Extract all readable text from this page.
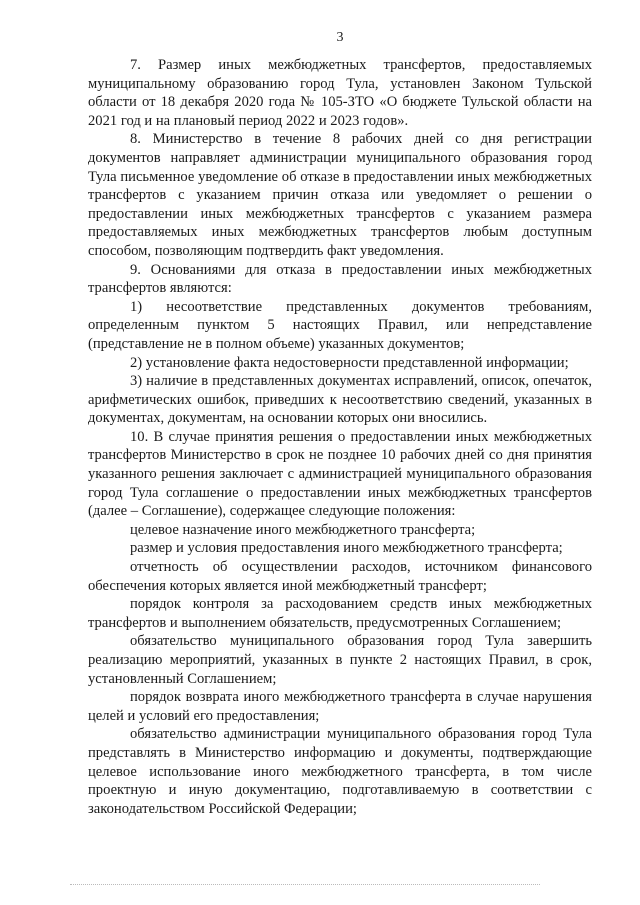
3

7. Размер иных межбюджетных трансфертов, предоставляемых муниципальному образованию город Тула, установлен Законом Тульской области от 18 декабря 2020 года № 105-ЗТО «О бюджете Тульской области на 2021 год и на плановый период 2022 и 2023 годов».

8. Министерство в течение 8 рабочих дней со дня регистрации документов направляет администрации муниципального образования город Тула письменное уведомление об отказе в предоставлении иных межбюджетных трансфертов с указанием причин отказа или уведомляет о решении о предоставлении иных межбюджетных трансфертов с указанием размера предоставляемых иных межбюджетных трансфертов любым доступным способом, позволяющим подтвердить факт уведомления.

9. Основаниями для отказа в предоставлении иных межбюджетных трансфертов являются:

1) несоответствие представленных документов требованиям, определенным пунктом 5 настоящих Правил, или непредставление (представление не в полном объеме) указанных документов;

2) установление факта недостоверности представленной информации;

3) наличие в представленных документах исправлений, описок, опечаток, арифметических ошибок, приведших к несоответствию сведений, указанных в документах, документам, на основании которых они вносились.

10. В случае принятия решения о предоставлении иных межбюджетных трансфертов Министерство в срок не позднее 10 рабочих дней со дня принятия указанного решения заключает с администрацией муниципального образования город Тула соглашение о предоставлении иных межбюджетных трансфертов (далее – Соглашение), содержащее следующие положения:

целевое назначение иного межбюджетного трансферта;

размер и условия предоставления иного межбюджетного трансферта;

отчетность об осуществлении расходов, источником финансового обеспечения которых является иной межбюджетный трансферт;

порядок контроля за расходованием средств иных межбюджетных трансфертов и выполнением обязательств, предусмотренных Соглашением;

обязательство муниципального образования город Тула завершить реализацию мероприятий, указанных в пункте 2 настоящих Правил, в срок, установленный Соглашением;

порядок возврата иного межбюджетного трансферта в случае нарушения целей и условий его предоставления;

обязательство администрации муниципального образования город Тула представлять в Министерство информацию и документы, подтверждающие целевое использование иного межбюджетного трансферта, в том числе проектную и иную документацию, подготавливаемую в соответствии с законодательством Российской Федерации;
